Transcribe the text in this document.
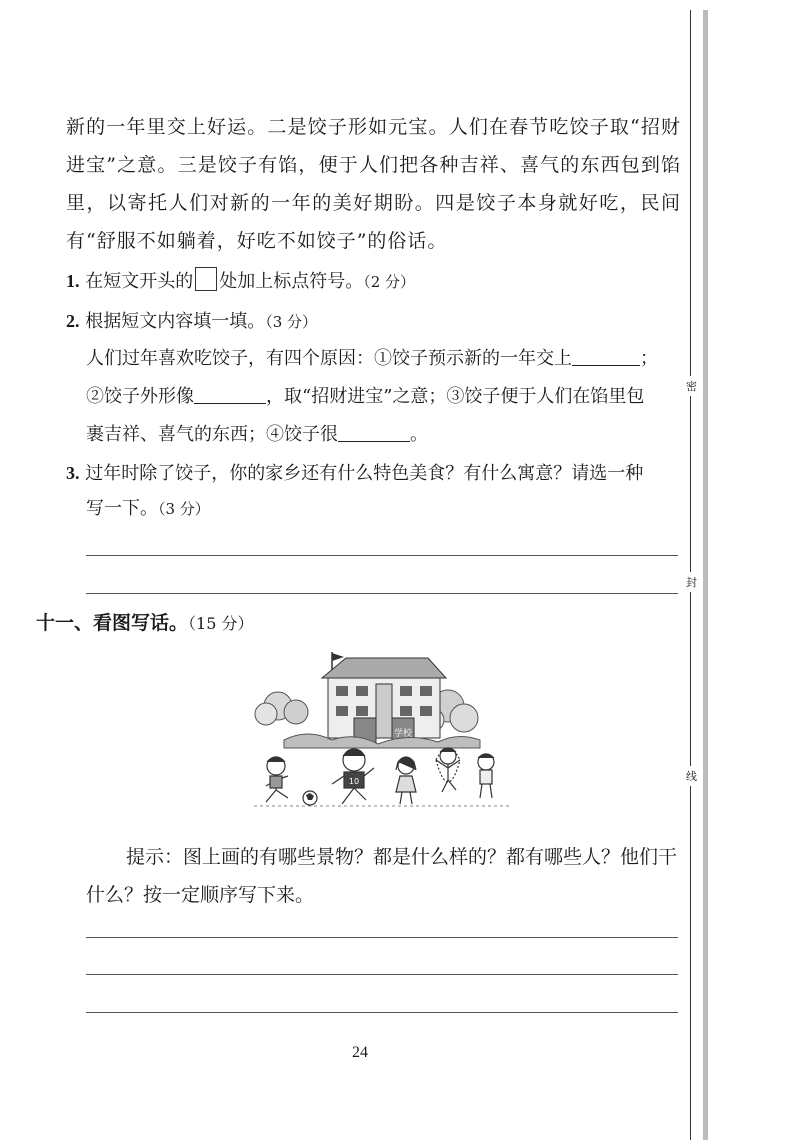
密
封
线
新的一年里交上好运。二是饺子形如元宝。人们在春节吃饺子取“招财进宝”之意。三是饺子有馅，便于人们把各种吉祥、喜气的东西包到馅里，以寄托人们对新的一年的美好期盼。四是饺子本身就好吃，民间有“舒服不如躺着，好吃不如饺子”的俗话。
1. 在短文开头的 处加上标点符号。（2 分）
2. 根据短文内容填一填。（3 分）
人们过年喜欢吃饺子，有四个原因：①饺子预示新的一年交上	；
②饺子外形像	，取“招财进宝”之意；③饺子便于人们在馅里包
裹吉祥、喜气的东西；④饺子很	。
3. 过年时除了饺子，你的家乡还有什么特色美食？有什么寓意？请选一种
写一下。（3 分）
十一、看图写话。（15 分）
学校
10
提示：图上画的有哪些景物？都是什么样的？都有哪些人？他们干
什么？按一定顺序写下来。
24
